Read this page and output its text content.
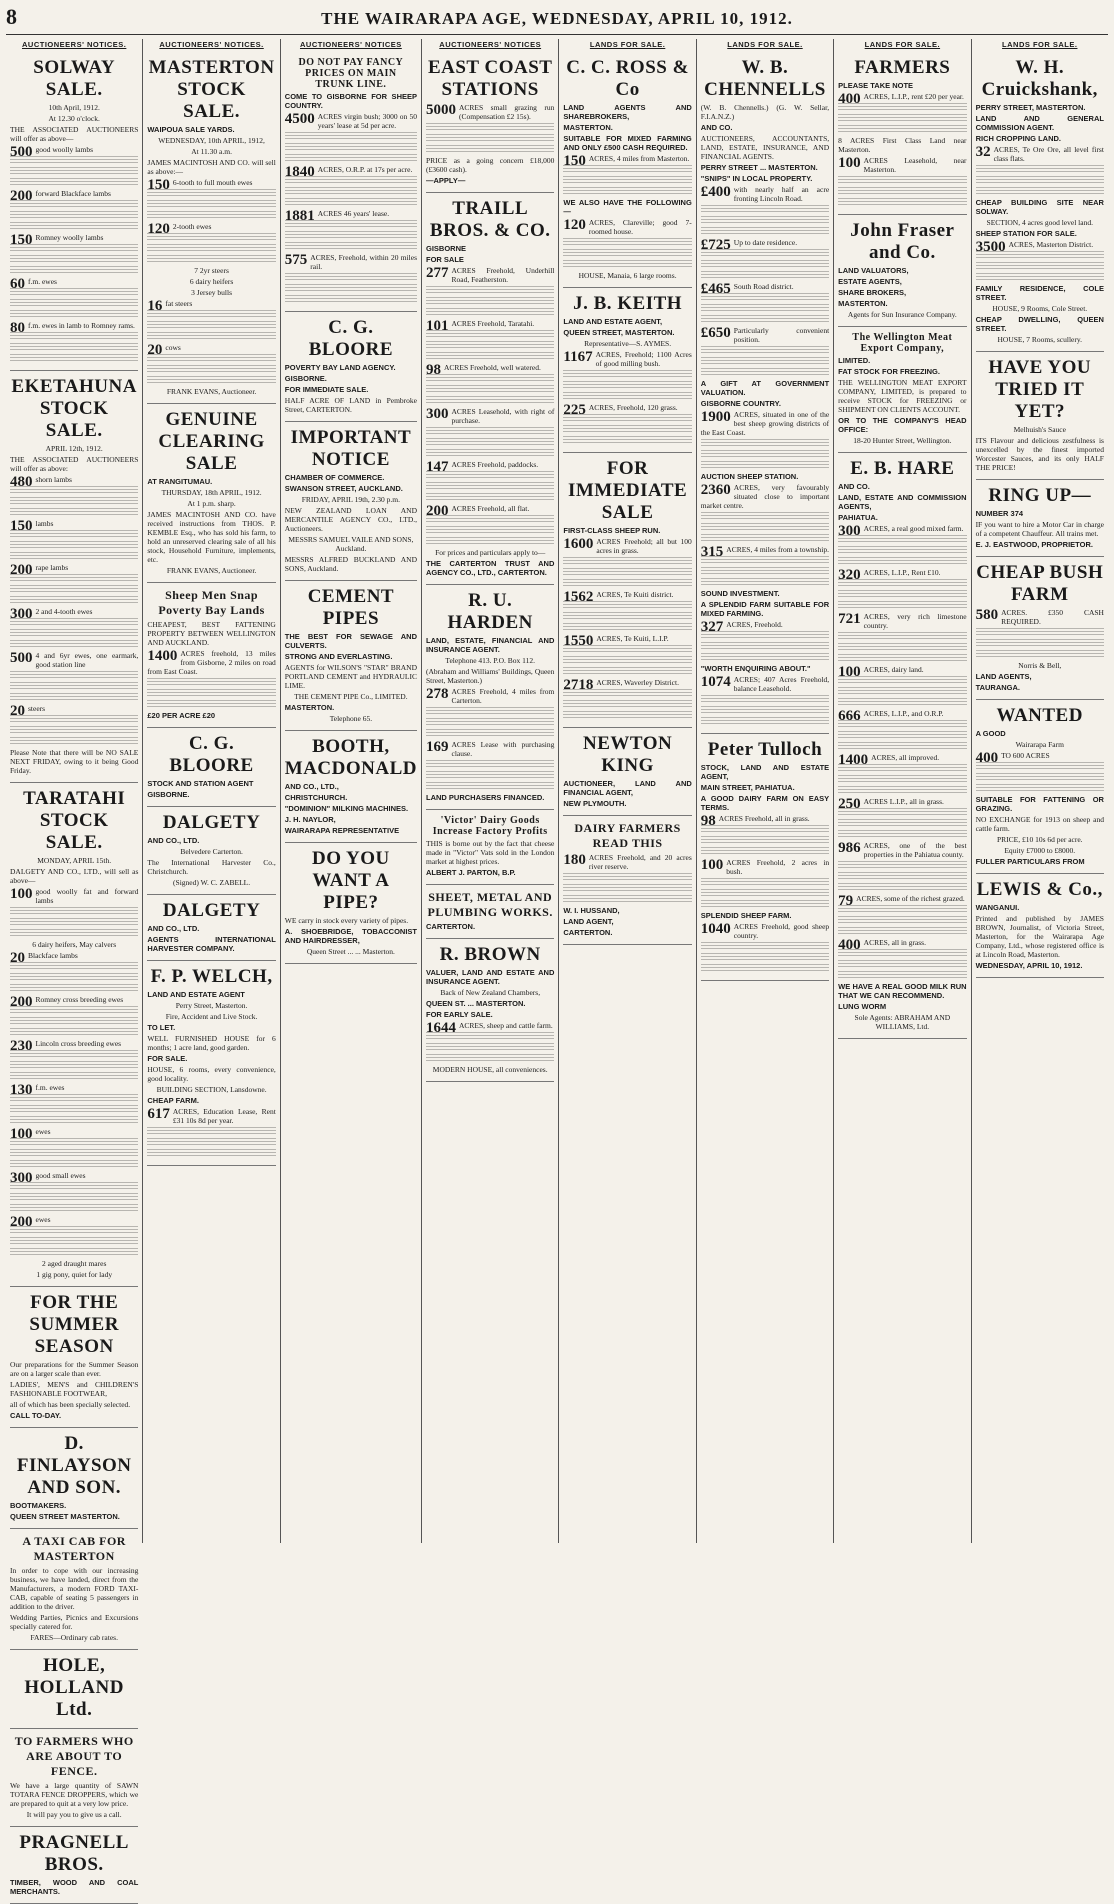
8	THE WAIRARAPA AGE, WEDNESDAY, APRIL 10, 1912.
AUCTIONEERS' NOTICES.
SOLWAY SALE.

10th April, 1912.

At 12.30 o'clock.

THE ASSOCIATED AUCTIONEERS will offer as above—

500 good woolly lambs

200 forward Blackface lambs

150 Romney woolly lambs

60 f.m. ewes

80 f.m. ewes in lamb to Romney rams.

EKETAHUNA STOCK SALE.

APRIL 12th, 1912.

THE ASSOCIATED AUCTIONEERS will offer as above:

480 shorn lambs

150 lambs

200 rape lambs

300 2 and 4-tooth ewes

500 4 and 6yr ewes, one earmark, good station line

20 steers

Please Note that there will be NO SALE NEXT FRIDAY, owing to it being Good Friday.

TARATAHI STOCK SALE.

MONDAY, APRIL 15th.

DALGETY AND CO., LTD., will sell as above—

100 good woolly fat and forward lambs

6 dairy heifers, May calvers

20 Blackface lambs

200 Romney cross breeding ewes

230 Lincoln cross breeding ewes

130 f.m. ewes

100 ewes

300 good small ewes

200 ewes

2 aged draught mares

1 gig pony, quiet for lady

FOR THE SUMMER SEASON

Our preparations for the Summer Season are on a larger scale than ever.

LADIES', MEN'S and CHILDREN'S FASHIONABLE FOOTWEAR,

all of which has been specially selected.

CALL TO-DAY.

D. FINLAYSON AND SON.

BOOTMAKERS.

QUEEN STREET MASTERTON.

A TAXI CAB FOR MASTERTON

In order to cope with our increasing business, we have landed, direct from the Manufacturers, a modern FORD TAXI-CAB, capable of seating 5 passengers in addition to the driver.

Wedding Parties, Picnics and Excursions specially catered for.

FARES—Ordinary cab rates.

HOLE, HOLLAND Ltd.
TO FARMERS WHO ARE ABOUT TO FENCE.

We have a large quantity of SAWN TOTARA FENCE DROPPERS, which we are prepared to quit at a very low price.

It will pay you to give us a call.

PRAGNELL BROS.

TIMBER, WOOD AND COAL MERCHANTS.

AUCTIONEERS' NOTICES.
MASTERTON STOCK SALE.

WAIPOUA SALE YARDS.

WEDNESDAY, 10th APRIL, 1912,

At 11.30 a.m.

JAMES MACINTOSH AND CO. will sell as above:—

150 6-tooth to full mouth ewes

120 2-tooth ewes

7 2yr steers

6 dairy heifers

3 Jersey bulls

16 fat steers

20 cows

FRANK EVANS, Auctioneer.

GENUINE CLEARING SALE

AT RANGITUMAU.

THURSDAY, 18th APRIL, 1912.

At 1 p.m. sharp.

JAMES MACINTOSH AND CO. have received instructions from THOS. P. KEMBLE Esq., who has sold his farm, to hold an unreserved clearing sale of all his stock, Household Furniture, implements, etc.

FRANK EVANS, Auctioneer.

Sheep Men Snap Poverty Bay Lands

CHEAPEST, BEST FATTENING PROPERTY BETWEEN WELLINGTON AND AUCKLAND.

1400 ACRES freehold, 13 miles from Gisborne, 2 miles on road from East Coast.

£20 PER ACRE £20

C. G. BLOORE

STOCK AND STATION AGENT

GISBORNE.

DALGETY

AND CO., LTD.

Belvedere Carterton.

The International Harvester Co., Christchurch.

(Signed) W. C. ZABELL.

DALGETY

AND CO., LTD.

AGENTS INTERNATIONAL HARVESTER COMPANY.

F. P. WELCH,

LAND AND ESTATE AGENT

Perry Street, Masterton.

Fire, Accident and Live Stock.

TO LET.

WELL FURNISHED HOUSE for 6 months; 1 acre land, good garden.

FOR SALE.

HOUSE, 6 rooms, every convenience, good locality.

BUILDING SECTION, Lansdowne.

CHEAP FARM.

617 ACRES, Education Lease, Rent £31 10s 8d per year.

AUCTIONEERS' NOTICES
DO NOT PAY FANCY PRICES ON MAIN TRUNK LINE.

COME TO GISBORNE FOR SHEEP COUNTRY.

4500 ACRES virgin bush; 3000 on 50 years' lease at 5d per acre.

1840 ACRES, O.R.P. at 17s per acre.

1881 ACRES 46 years' lease.

575 ACRES, Freehold, within 20 miles rail.

C. G. BLOORE

POVERTY BAY LAND AGENCY.

GISBORNE.

FOR IMMEDIATE SALE.

HALF ACRE OF LAND in Pembroke Street, CARTERTON.

IMPORTANT NOTICE

CHAMBER OF COMMERCE.

SWANSON STREET, AUCKLAND.

FRIDAY, APRIL 19th, 2.30 p.m.

NEW ZEALAND LOAN AND MERCANTILE AGENCY CO., LTD., Auctioneers.

MESSRS SAMUEL VAILE AND SONS, Auckland.

MESSRS ALFRED BUCKLAND AND SONS, Auckland.

CEMENT PIPES

THE BEST FOR SEWAGE AND CULVERTS.

STRONG AND EVERLASTING.

AGENTS for WILSON'S "STAR" BRAND PORTLAND CEMENT and HYDRAULIC LIME.

THE CEMENT PIPE Co., LIMITED.

MASTERTON.

Telephone 65.

BOOTH, MACDONALD

AND CO., LTD.,

CHRISTCHURCH.

"DOMINION" MILKING MACHINES.

J. H. NAYLOR,

WAIRARAPA REPRESENTATIVE

DO YOU WANT A PIPE?

WE carry in stock every variety of pipes.

A. SHOEBRIDGE, TOBACCONIST AND HAIRDRESSER,

Queen Street ... ... Masterton.

AUCTIONEERS' NOTICES
EAST COAST STATIONS

5000 ACRES small grazing run (Compensation £2 15s).

PRICE as a going concern £18,000 (£3600 cash).

—APPLY—

TRAILL BROS. & CO.

GISBORNE

FOR SALE

277 ACRES Freehold, Underhill Road, Featherston.

101 ACRES Freehold, Taratahi.

98 ACRES Freehold, well watered.

300 ACRES Leasehold, with right of purchase.

147 ACRES Freehold, paddocks.

200 ACRES Freehold, all flat.

For prices and particulars apply to—

THE CARTERTON TRUST AND AGENCY CO., LTD., CARTERTON.

R. U. HARDEN

LAND, ESTATE, FINANCIAL AND INSURANCE AGENT.

Telephone 413. P.O. Box 112.

(Abraham and Williams' Buildings, Queen Street, Masterton.)

278 ACRES Freehold, 4 miles from Carterton.

169 ACRES Lease with purchasing clause.

LAND PURCHASERS FINANCED.

'Victor' Dairy Goods Increase Factory Profits

THIS is borne out by the fact that cheese made in "Victor" Vats sold in the London market at highest prices.

ALBERT J. PARTON, B.P.

SHEET, METAL AND PLUMBING WORKS.

CARTERTON.

R. BROWN

VALUER, LAND AND ESTATE AND INSURANCE AGENT.

Back of New Zealand Chambers,

QUEEN ST. ... MASTERTON.

FOR EARLY SALE.

1644 ACRES, sheep and cattle farm.

MODERN HOUSE, all conveniences.

LANDS FOR SALE.
C. C. ROSS & Co

LAND AGENTS AND SHAREBROKERS,

MASTERTON.

SUITABLE FOR MIXED FARMING AND ONLY £500 CASH REQUIRED.

150 ACRES, 4 miles from Masterton.

WE ALSO HAVE THE FOLLOWING—

120 ACRES, Clareville; good 7-roomed house.

HOUSE, Manaia, 6 large rooms.

J. B. KEITH

LAND AND ESTATE AGENT,

QUEEN STREET, MASTERTON.

Representative—S. AYMES.

1167 ACRES, Freehold; 1100 Acres of good milling bush.

225 ACRES, Freehold, 120 grass.

FOR IMMEDIATE SALE

FIRST-CLASS SHEEP RUN.

1600 ACRES Freehold; all but 100 acres in grass.

1562 ACRES, Te Kuiti district.

1550 ACRES, Te Kuiti, L.I.P.

2718 ACRES, Waverley District.

NEWTON KING

AUCTIONEER, LAND AND FINANCIAL AGENT,

NEW PLYMOUTH.

DAIRY FARMERS READ THIS

180 ACRES Freehold, and 20 acres river reserve.

W. I. HUSSAND,

LAND AGENT,

CARTERTON.

LANDS FOR SALE.
W. B. CHENNELLS

(W. B. Chennells.) (G. W. Sellar, F.I.A.N.Z.)

AND CO.

AUCTIONEERS, ACCOUNTANTS, LAND, ESTATE, INSURANCE, AND FINANCIAL AGENTS.

PERRY STREET ... MASTERTON.

"SNIPS" IN LOCAL PROPERTY.

£400 with nearly half an acre fronting Lincoln Road.

£725 Up to date residence.

£465 South Road district.

£650 Particularly convenient position.

A GIFT AT GOVERNMENT VALUATION.

GISBORNE COUNTRY.

1900 ACRES, situated in one of the best sheep growing districts of the East Coast.

AUCTION SHEEP STATION.

2360 ACRES, very favourably situated close to important market centre.

315 ACRES, 4 miles from a township.

SOUND INVESTMENT.

A SPLENDID FARM SUITABLE FOR MIXED FARMING.

327 ACRES, Freehold.

"WORTH ENQUIRING ABOUT."

1074 ACRES; 407 Acres Freehold, balance Leasehold.

Peter Tulloch

STOCK, LAND AND ESTATE AGENT,

MAIN STREET, PAHIATUA.

A GOOD DAIRY FARM ON EASY TERMS.

98 ACRES Freehold, all in grass.

100 ACRES Freehold, 2 acres in bush.

SPLENDID SHEEP FARM.

1040 ACRES Freehold, good sheep country.

LANDS FOR SALE.
FARMERS

PLEASE TAKE NOTE

400 ACRES, L.I.P., rent £20 per year.

8 ACRES First Class Land near Masterton.

100 ACRES Leasehold, near Masterton.

John Fraser and Co.

LAND VALUATORS,

ESTATE AGENTS,

SHARE BROKERS,

MASTERTON.

Agents for Sun Insurance Company.

The Wellington Meat Export Company,

LIMITED.

FAT STOCK FOR FREEZING.

THE WELLINGTON MEAT EXPORT COMPANY, LIMITED, is prepared to receive STOCK for FREEZING or SHIPMENT ON CLIENTS ACCOUNT.

OR TO THE COMPANY'S HEAD OFFICE:

18-20 Hunter Street, Wellington.

E. B. HARE

AND CO.

LAND, ESTATE AND COMMISSION AGENTS,

PAHIATUA.

300 ACRES, a real good mixed farm.

320 ACRES, L.I.P., Rent £10.

721 ACRES, very rich limestone country.

100 ACRES, dairy land.

666 ACRES, L.I.P., and O.R.P.

1400 ACRES, all improved.

250 ACRES L.I.P., all in grass.

986 ACRES, one of the best properties in the Pahiatua county.

79 ACRES, some of the richest grazed.

400 ACRES, all in grass.

WE HAVE A REAL GOOD MILK RUN THAT WE CAN RECOMMEND.

LUNG WORM

Sole Agents: ABRAHAM AND WILLIAMS, Ltd.

LANDS FOR SALE.
W. H. Cruickshank,

PERRY STREET, MASTERTON.

LAND AND GENERAL COMMISSION AGENT.

RICH CROPPING LAND.

32 ACRES, Te Ore Ore, all level first class flats.

CHEAP BUILDING SITE NEAR SOLWAY.

SECTION, 4 acres good level land.

SHEEP STATION FOR SALE.

3500 ACRES, Masterton District.

FAMILY RESIDENCE, COLE STREET.

HOUSE, 9 Rooms, Cole Street.

CHEAP DWELLING, QUEEN STREET.

HOUSE, 7 Rooms, scullery.

HAVE YOU TRIED IT YET?

Melhuish's Sauce

ITS Flavour and delicious zestfulness is unexcelled by the finest imported Worcester Sauces, and its only HALF THE PRICE!

RING UP—

NUMBER 374

IF you want to hire a Motor Car in charge of a competent Chauffeur. All trains met.

E. J. EASTWOOD, PROPRIETOR.

CHEAP BUSH FARM

580 ACRES. £350 CASH REQUIRED.

Norris & Bell,

LAND AGENTS,

TAURANGA.

WANTED

A GOOD

Wairarapa Farm

400 TO 600 ACRES

SUITABLE FOR FATTENING OR GRAZING.

NO EXCHANGE for 1913 on sheep and cattle farm.

PRICE, £10 10s 6d per acre.

Equity £7000 to £8000.

FULLER PARTICULARS FROM

LEWIS & Co.,

WANGANUI.

Printed and published by JAMES BROWN, Journalist, of Victoria Street, Masterton, for the Wairarapa Age Company, Ltd., whose registered office is at Lincoln Road, Masterton.

WEDNESDAY, APRIL 10, 1912.
